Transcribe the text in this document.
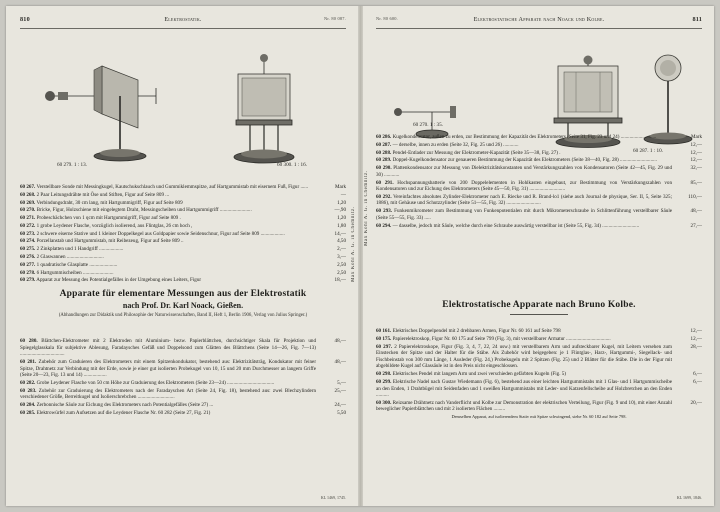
810	Elektrostatik.	Nr. 80 087.
60 279. 1 : 13.	60 300. 1 : 16.
60 267. Verstellbare Sonde mit Messingkugel, Kautschukschlauch und Gummiklemmspitze, auf Hartgummistab mit eisernem Fuß, Figur ......	Mark
60 268. 2 Paar Leitungsdrähte mit Öse und Stiften, Figur auf Seite 809 ...	—
60 269. Verbindungsdraht, 30 cm lang, mit Hartgummigriff, Figur auf Seite 809	1,20
60 270. Bricke, Figur, Holzschiene mit eingelegtem Draht, Messingscheiben und Hartgummigriff .........................	—,90
60 271. Probeschächchen von 1 qcm mit Hartgummigriff, Figur auf Seite 809 .	1,20
60 272. 1 grobe Leydener Flasche, vorzüglich isolierend, aus Flintglas, 26 cm hoch ,	1,80
60 273. 2 schwere eiserne Stative und 1 kleiner Doppelkegel aus Goldpapier sowie Seidenschnur, Figur auf Seite 809 ...................	14,—
60 274. Porzellanstab und Hartgummistab, mit Reibezeug, Figur auf Seite 809 ..	4,50
60 275. 2 Zinkplatten und 1 Handgriff ...................	2,—
60 276. 2 Glaswannen .............................	3,—
60 277. 1 quadratische Glasplatte ......................	2,50
60 278. 6 Hartgummischeiben ........................	2,50
60 279. Apparat zur Messung des Potentialgefälles in der Umgebung eines Leiters, Figur	18,—
Apparate für elementare Messungen aus der Elektrostatik
nach Prof. Dr. Karl Noack, Gießen.
(Abhandlungen zur Didaktik und Philosophie der Naturwissenschaften, Band II, Heft 1, Berlin 1906, Verlag von Julius Springer.)
60 280. Blättchen-Elektrometer mit 2 Elektroden mit Aluminium- bezw. Papierblättchen, durchsichtiger Skala für Projektion und Spiegelglasskala für subjektive Ablesung, Faradaysches Gefäß und Doppelsond zum Glätten des Blättchens (Seite 14—26, Fig. 7—13) ...................................
48,—
60 281. Zubehör zum Graduieren des Elektrometers mit einem Spitzenkondukator, bestehend aus: Elektrizitätsträg, Kondukator mit feiner Spitze, Drahtnetz zur Verbindung mit der Erde, sowie je einer gut isolierten Probekugel von 10, 15 und 20 mm Durchmesser an langem Griffe (Seite 20—23, Fig. 13 und 14) ..................
48,—
60 282. Grobe Leydener Flasche von 50 cm Höhe zur Graduierung des Elektrometers (Seite 23—24) .....................................	5,—
60 283. Zubehör zur Graduierung des Elektrometers nach der Faradayschen Art (Seite 24, Fig. 18), bestehend aus: zwei Blechzylindern verschiedener Größe, Berreitkugel und Isolierschrebchen .............................
25,—
60 284. Zerbonnische Säule zur Eichung des Elektrometers nach Potentialgefälles (Seite 27) ...	24,—
60 285. Elektrowürfel zum Aufsetzen auf die Leydener Flasche Nr. 60 282 (Seite 27, Fig. 21)	5,50
Max Kohl A. G. in Chemnitz.
KL 1469, 1745.
Nr. 80 600.	Elektrostatische Apparate nach Noack und Kolbe.	811
60 270. 1 : 35.
60 287. 1 : 10.
60 286. Kugelkondensator, außen zu erden, zur Bestimmung der Kapazität des Elektrometers (Seite 31, Fig. 23 und 24) ............................	Mark
60 287. — derselbe, innen zu erden (Seite 32, Fig. 25 und 26) ............	12,—
60 288. Pendel-Entlader zur Messung der Elektrometer-Kapazität (Seite 35—38, Fig. 27) .	12,—
60 289. Doppel-Kugelkondensator zur genaueren Bestimmung der Kapazität des Elektrometers (Seite 38—40, Fig. 28) .............................	12,—
60 290. Plattenkondensator zur Messung von Dielektrizitätskonstanten und Verstärkungszahlen von Kondensatoren (Seite 42—45, Fig. 29 und 30) ............
32,—
60 291. Hochspannungsbatterie von 200 Doppelelementen in Hohlkasten eingebaut, zur Bestimmung von Verstärkungszahlen von Kondensatoren und zur Eichung des Elektrometers (Seite 45—50, Fig. 31) ............................
85,—
60 292. Vereinfachtes absolutes Zylinder-Elektrometer nach E. Riecke und R. Brand-lo1 (siehe auch Journal de physique, Ser. II, 5, Seite 325; 1886), mit Gehäuse und Schutzzylinder (Seite 51—55, Fig. 32) ...........................
110,—
60 293. Funkenmikrometer zum Bestimmung von Funkenpotentialen mit durch Mikrometerschraube in Schlittenführung verstellbarer Säule (Seite 55—55, Fig. 33) .....
48,—
60 294. — dasselbe, jedoch mit Säule, welche durch eine Schraube auswärtig verstellbar ist (Seite 55, Fig. 34) .............................	27,—
Elektrostatische Apparate nach Bruno Kolbe.
60 161. Elektrisches Doppelpendel mit 2 drehbaren Armen, Figur Nr. 60 161 auf Seite 798	12,—
60 175. Papierelektroskop, Figur Nr. 60 175 auf Seite 799 (Fig. 3), mit verstellbarer Armatur ...................................	12,—
60 297. 2 Papierelektroskope, Figur (Fig. 3, 4, 7, 22, 24 usw.) mit verstellbarem Arm und aufsteckbarer Kugel, mit Leitern versehen zum Einstecken der Spitze und der Halter für die Stäbe. Als Zubehör wird beigegeben: je 1 Flintglas-, Harz-, Hartgummi-, Siegellack- und Fischbeinstab von 300 mm Länge, 1 Ausleder (Fig. 24,) Probekugeln mit 2 Spitzen (Fig. 25) und 2 Blätter für die Stäbe. Die in der Figur mit abgebildete Kugel auf Glassäule ist in den Preis nicht eingeschlossen.
28,—
60 298. Elektrisches Pendel mit langem Arm und zwei verschieden gefärbten Kugeln (Fig. 5)	6,—
60 299. Elektrische Nadel nach Gustav Wiedemann (Fig. 6), bestehend aus einer leichten Hartgummistabs mit 1 Glas- und 1 Hartgummischeibe an den Enden, 1 Drahtbügel mit Seidenfaden und 1 sweißen Hartgummistabs mit Leder- und Katzenfellscheibe auf Holzbretchen an den Enden ..........
6,—
60 300. Reizsame Drähtnetz nach Vanderflicht und Kolbe zur Demonstration der elektrischen Verteilung, Figur (Fig. 9 und 10), mit einer Anzahl beweglicher Papierblättchen und mit 2 isolierten Flächen .........
20,—
Demselben Apparat, auf isolierendem Stativ mit Spitze schwingend, siehe Nr. 60 182 auf Seite 798.
Max Kohl A. G. in Chemnitz.
KL 1699, 1846.
